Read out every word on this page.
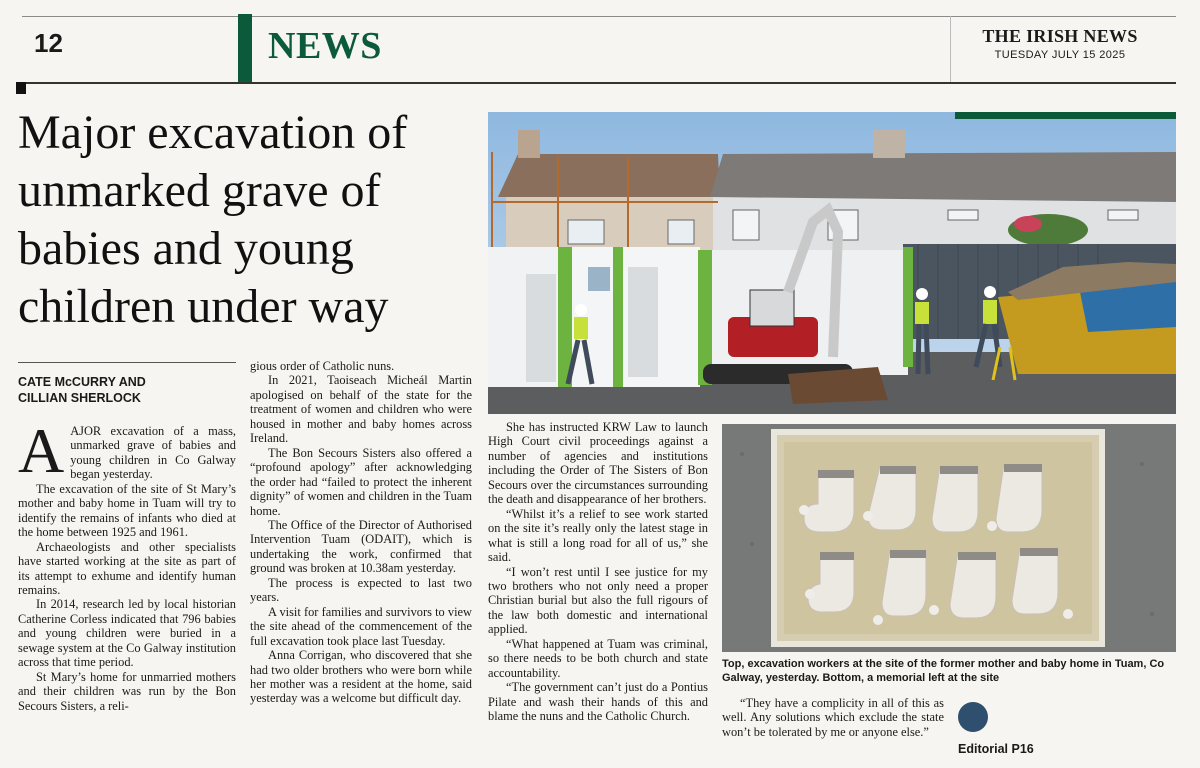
12	NEWS	THE IRISH NEWS
TUESDAY JULY 15 2025
Major excavation of unmarked grave of babies and young children under way
CATE McCURRY AND
CILLIAN SHERLOCK

AAJOR excavation of a mass, unmarked grave of babies and young children in Co Galway began yesterday.

The excavation of the site of St Mary’s mother and baby home in Tuam will try to identify the remains of infants who died at the home between 1925 and 1961.

Archaeologists and other specialists have started working at the site as part of its attempt to exhume and identify human remains.

In 2014, research led by local historian Catherine Corless indicated that 796 babies and young children were buried in a sewage system at the Co Galway institution across that time period.

St Mary’s home for unmarried mothers and their children was run by the Bon Secours Sisters, a reli-

gious order of Catholic nuns.

In 2021, Taoiseach Micheál Martin apologised on behalf of the state for the treatment of women and children who were housed in mother and baby homes across Ireland.

The Bon Secours Sisters also offered a “profound apology” after acknowledging the order had “failed to protect the inherent dignity” of women and children in the Tuam home.

The Office of the Director of Authorised Intervention Tuam (ODAIT), which is undertaking the work, confirmed that ground was broken at 10.38am yesterday.

The process is expected to last two years.

A visit for families and survivors to view the site ahead of the commencement of the full excavation took place last Tuesday.

Anna Corrigan, who discovered that she had two older brothers who were born while her mother was a resident at the home, said yesterday was a welcome but difficult day.

She has instructed KRW Law to launch High Court civil proceedings against a number of agencies and institutions including the Order of The Sisters of Bon Secours over the circumstances surrounding the death and disappearance of her brothers.

“Whilst it’s a relief to see work started on the site it’s really only the latest stage in what is still a long road for all of us,” she said.

“I won’t rest until I see justice for my two brothers who not only need a proper Christian burial but also the full rigours of the law both domestic and international applied.

“What happened at Tuam was criminal, so there needs to be both church and state accountability.

“The government can’t just do a Pontius Pilate and wash their hands of this and blame the nuns and the Catholic Church.

Top, excavation workers at the site of the former mother and baby home in Tuam, Co Galway, yesterday. Bottom, a memorial left at the site

“They have a complicity in all of this as well. Any solutions which exclude the state won’t be tolerated by me or anyone else.”

Editorial P16
